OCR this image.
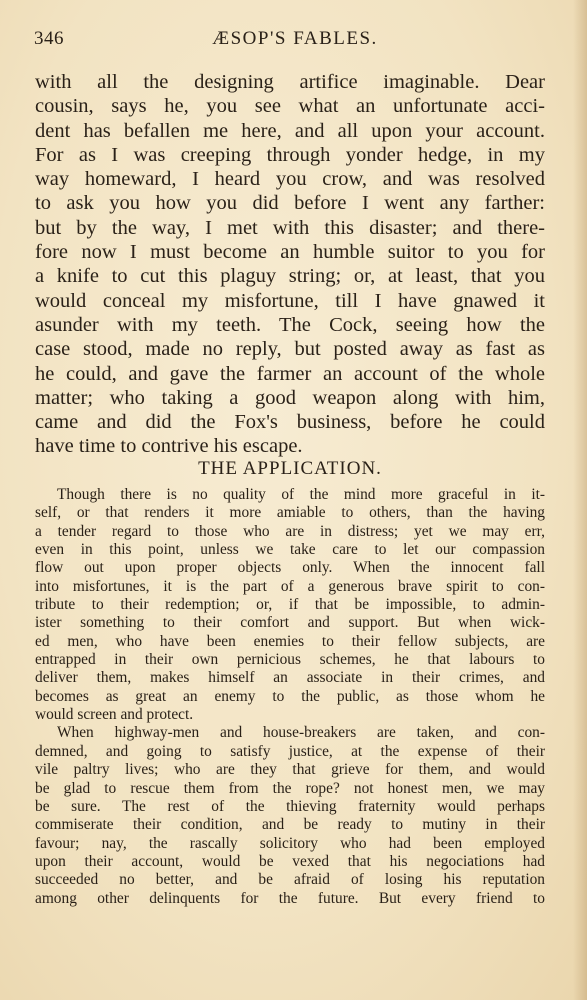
346	ÆSOP'S FABLES.
with all the designing artifice imaginable. Dear
cousin, says he, you see what an unfortunate acci-
dent has befallen me here, and all upon your account.
For as I was creeping through yonder hedge, in my
way homeward, I heard you crow, and was resolved
to ask you how you did before I went any farther:
but by the way, I met with this disaster; and there-
fore now I must become an humble suitor to you for
a knife to cut this plaguy string; or, at least, that you
would conceal my misfortune, till I have gnawed it
asunder with my teeth. The Cock, seeing how the
case stood, made no reply, but posted away as fast as
he could, and gave the farmer an account of the whole
matter; who taking a good weapon along with him,
came and did the Fox's business, before he could
have time to contrive his escape.
THE APPLICATION.
Though there is no quality of the mind more graceful in it-
self, or that renders it more amiable to others, than the having
a tender regard to those who are in distress; yet we may err,
even in this point, unless we take care to let our compassion
flow out upon proper objects only. When the innocent fall
into misfortunes, it is the part of a generous brave spirit to con-
tribute to their redemption; or, if that be impossible, to admin-
ister something to their comfort and support. But when wick-
ed men, who have been enemies to their fellow subjects, are
entrapped in their own pernicious schemes, he that labours to
deliver them, makes himself an associate in their crimes, and
becomes as great an enemy to the public, as those whom he
would screen and protect.
When highway-men and house-breakers are taken, and con-
demned, and going to satisfy justice, at the expense of their
vile paltry lives; who are they that grieve for them, and would
be glad to rescue them from the rope? not honest men, we may
be sure. The rest of the thieving fraternity would perhaps
commiserate their condition, and be ready to mutiny in their
favour; nay, the rascally solicitory who had been employed
upon their account, would be vexed that his negociations had
succeeded no better, and be afraid of losing his reputation
among other delinquents for the future. But every friend to
